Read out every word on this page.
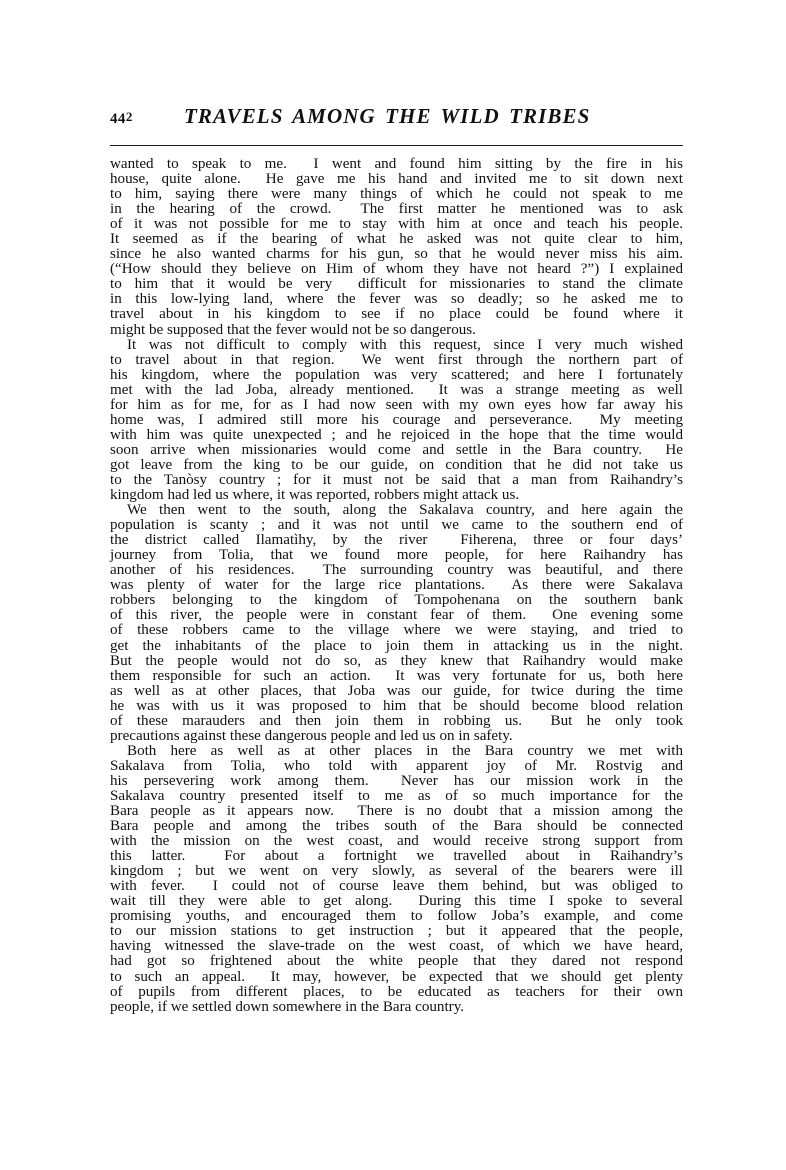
442	TRAVELS AMONG THE WILD TRIBES

wanted to speak to me.  I went and found him sitting by the fire in his
house, quite alone.  He gave me his hand and invited me to sit down next
to him, saying there were many things of which he could not speak to me
in the hearing of the crowd.  The first matter he mentioned was to ask
of it was not possible for me to stay with him at once and teach his people.
It seemed as if the bearing of what he asked was not quite clear to him,
since he also wanted charms for his gun, so that he would never miss his aim.
(“How should they believe on Him of whom they have not heard ?”) I explained
to him that it would be very  difficult for missionaries to stand the climate
in this low-lying land, where the fever was so deadly; so he asked me to
travel about in his kingdom to see if no place could be found where it
might be supposed that the fever would not be so dangerous.

It was not difficult to comply with this request, since I very much wished
to travel about in that region.  We went first through the northern part of
his kingdom, where the population was very scattered; and here I fortunately
met with the lad Joba, already mentioned.  It was a strange meeting as well
for him as for me, for as I had now seen with my own eyes how far away his
home was, I admired still more his courage and perseverance.  My meeting
with him was quite unexpected ; and he rejoiced in the hope that the time would
soon arrive when missionaries would come and settle in the Bara country.  He
got leave from the king to be our guide, on condition that he did not take us
to the Tanòsy country ; for it must not be said that a man from Raihandry’s
kingdom had led us where, it was reported, robbers might attack us.

We then went to the south, along the Sakalava country, and here again the
population is scanty ; and it was not until we came to the southern end of
the district called Ilamatìhy, by the river  Fiherena, three or four days’
journey from Tolia, that we found more people, for here Raihandry has
another of his residences.  The surrounding country was beautiful, and there
was plenty of water for the large rice plantations.  As there were Sakalava
robbers belonging to the kingdom of Tompohenana on the southern bank
of this river, the people were in constant fear of them.  One evening some
of these robbers came to the village where we were staying, and tried to
get the inhabitants of the place to join them in attacking us in the night.
But the people would not do so, as they knew that Raihandry would make
them responsible for such an action.  It was very fortunate for us, both here
as well as at other places, that Joba was our guide, for twice during the time
he was with us it was proposed to him that be should become blood relation
of these marauders and then join them in robbing us.  But he only took
precautions against these dangerous people and led us on in safety.

Both here as well as at other places in the Bara country we met with
Sakalava from Tolia, who told with apparent joy of Mr. Rostvig and
his persevering work among them.  Never has our mission work in the
Sakalava country presented itself to me as of so much importance for the
Bara people as it appears now.  There is no doubt that a mission among the
Bara people and among the tribes south of the Bara should be connected
with the mission on the west coast, and would receive strong support from
this latter.  For about a fortnight we travelled about in Raihandry’s
kingdom ; but we went on very slowly, as several of the bearers were ill
with fever.  I could not of course leave them behind, but was obliged to
wait till they were able to get along.  During this time I spoke to several
promising youths, and encouraged them to follow Joba’s example, and come
to our mission stations to get instruction ; but it appeared that the people,
having witnessed the slave-trade on the west coast, of which we have heard,
had got so frightened about the white people that they dared not respond
to such an appeal.  It may, however, be expected that we should get plenty
of pupils from different places, to be educated as teachers for their own
people, if we settled down somewhere in the Bara country.
